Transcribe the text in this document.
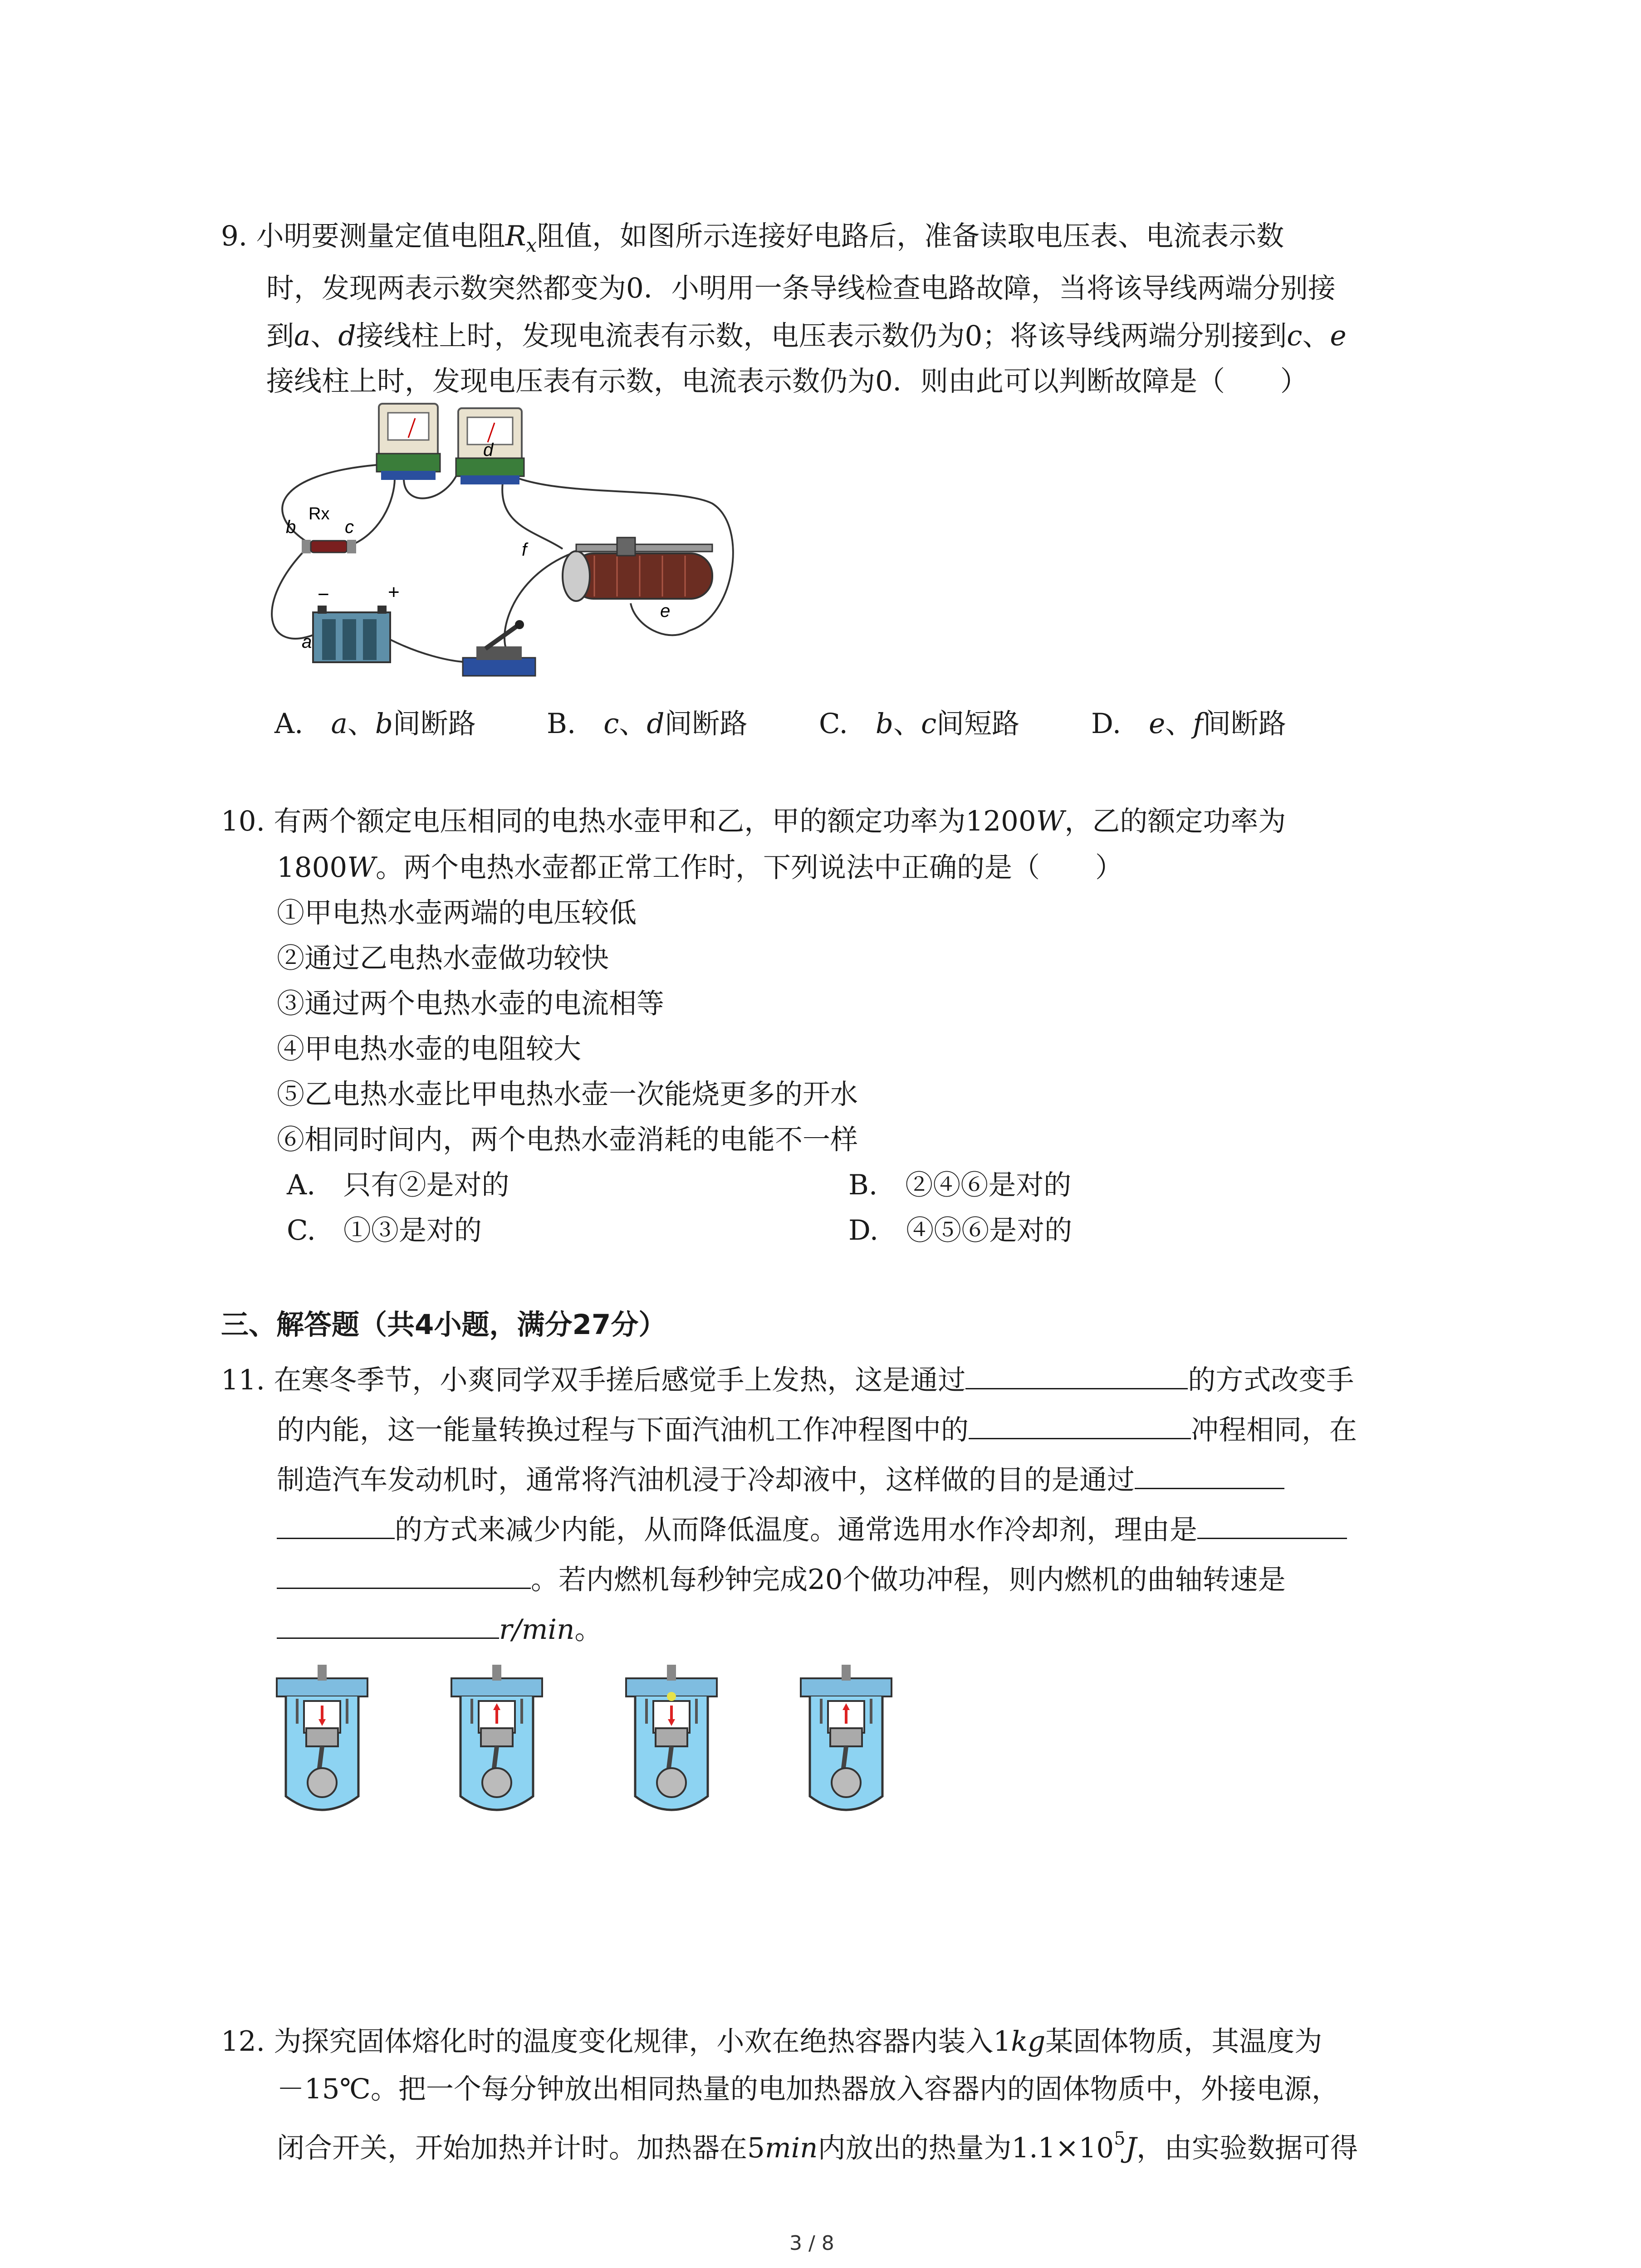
9. 小明要测量定值电阻$R_x$阻值，如图所示连接好电路后，准备读取电压表、电流表示数
时，发现两表示数突然都变为0．小明用一条导线检查电路故障，当将该导线两端分别接
到a、d接线柱上时，发现电流表有示数，电压表示数仍为0；将该导线两端分别接到c、e
接线柱上时，发现电压表有示数，电流表示数仍为0．则由此可以判断故障是（　　）
b
Rx
c
d
f
e
a
−	+
A.　 a、b间断路	B.　 c、d间断路	C.　 b、c间短路	D.　 e、f间断路
10. 有两个额定电压相同的电热水壶甲和乙，甲的额定功率为1200W，乙的额定功率为
1800W。两个电热水壶都正常工作时，下列说法中正确的是（　　）
①甲电热水壶两端的电压较低
②通过乙电热水壶做功较快
③通过两个电热水壶的电流相等
④甲电热水壶的电阻较大
⑤乙电热水壶比甲电热水壶一次能烧更多的开水
⑥相同时间内，两个电热水壶消耗的电能不一样
A.　只有②是对的	B.　②④⑥是对的
C.　①③是对的	D.　④⑤⑥是对的
三、解答题（共4小题，满分27分）
11. 在寒冬季节，小爽同学双手搓后感觉手上发热，这是通过	的方式改变手
的内能，这一能量转换过程与下面汽油机工作冲程图中的	冲程相同，在
制造汽车发动机时，通常将汽油机浸于冷却液中，这样做的目的是通过
的方式来减少内能，从而降低温度。通常选用水作冷却剂，理由是
。若内燃机每秒钟完成20个做功冲程，则内燃机的曲轴转速是
r/min。
12. 为探究固体熔化时的温度变化规律，小欢在绝热容器内装入1kg某固体物质，其温度为
－15℃。把一个每分钟放出相同热量的电加热器放入容器内的固体物质中，外接电源，
闭合开关，开始加热并计时。加热器在5min内放出的热量为$1.1\times 10^5J$，由实验数据可得
3 / 8
